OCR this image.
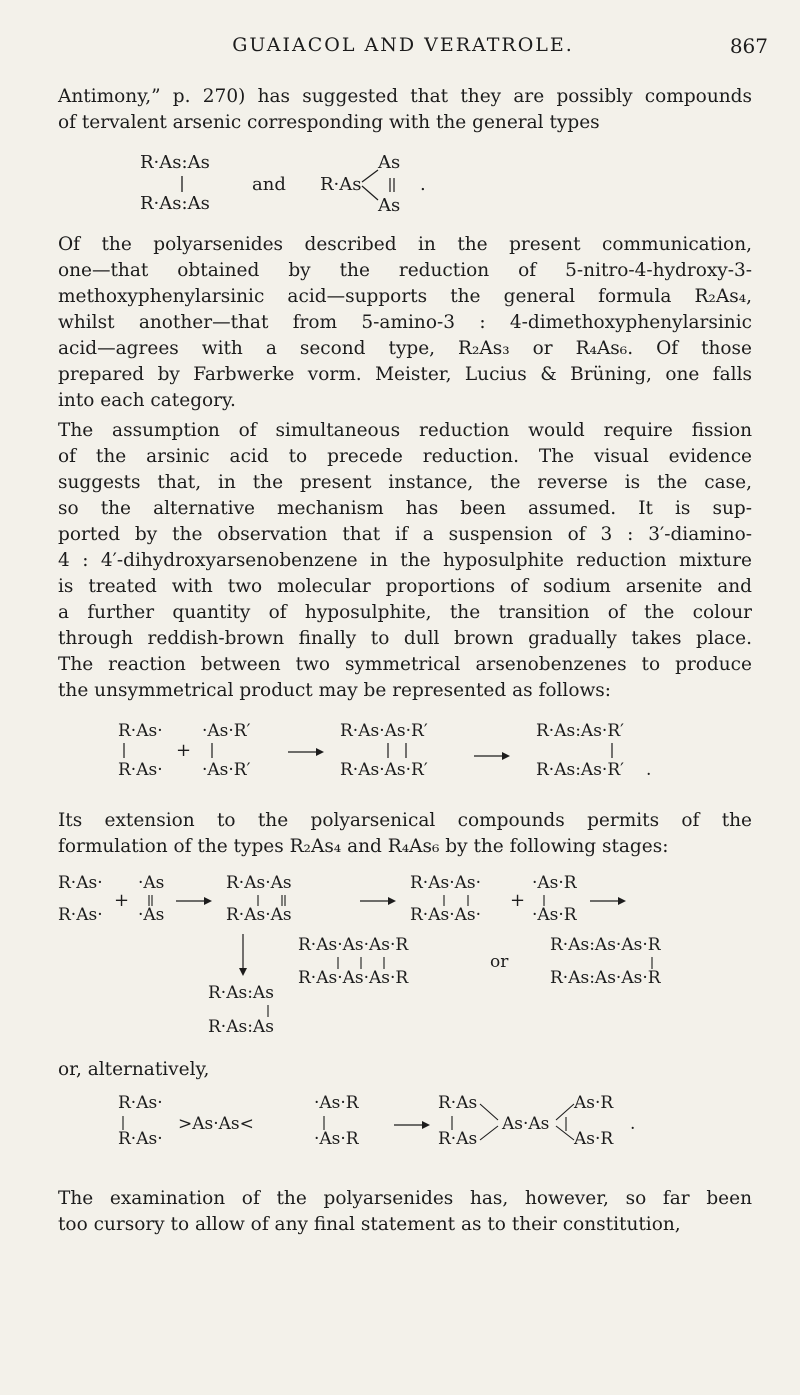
GUAIACOL AND VERATROLE.	867
Antimony,” p. 270) has suggested that they are possibly compounds
of tervalent arsenic corresponding with the general types
R·As:As
R·As:As
and R·As
As
As
.
Of the polyarsenides described in the present communication,
one—that obtained by the reduction of 5-nitro-4-hydroxy-3-
methoxyphenylarsinic acid—supports the general formula R₂As₄,
whilst another—that from 5-amino-3 : 4-dimethoxyphenylarsinic
acid—agrees with a second type, R₂As₃ or R₄As₆. Of those
prepared by Farbwerke vorm. Meister, Lucius & Brüning, one falls
into each category.
The assumption of simultaneous reduction would require fission
of the arsinic acid to precede reduction. The visual evidence
suggests that, in the present instance, the reverse is the case,
so the alternative mechanism has been assumed. It is sup-
ported by the observation that if a suspension of 3 : 3′-diamino-
4 : 4′-dihydroxyarsenobenzene in the hyposulphite reduction mixture
is treated with two molecular proportions of sodium arsenite and
a further quantity of hyposulphite, the transition of the colour
through reddish-brown finally to dull brown gradually takes place.
The reaction between two symmetrical arsenobenzenes to produce
the unsymmetrical product may be represented as follows:
R·As·
R·As·
+
·As·R′
·As·R′
R·As·As·R′
R·As·As·R′
R·As:As·R′
R·As:As·R′ .
Its extension to the polyarsenical compounds permits of the
formulation of the types R₂As₄ and R₄As₆ by the following stages:
R·As·
R·As·
+
·As
·As
R·As·As
R·As·As
R·As·As·
R·As·As·
+
·As·R
·As·R
R·As·As·As·R
R·As·As·As·R
or
R·As:As·As·R
R·As:As·As·R
R·As:As
R·As:As
or, alternatively,
R·As·
R·As·
>As·As<
·As·R
·As·R
R·As
R·As
As·As
As·R
As·R
.
The examination of the polyarsenides has, however, so far been
too cursory to allow of any final statement as to their constitution,
